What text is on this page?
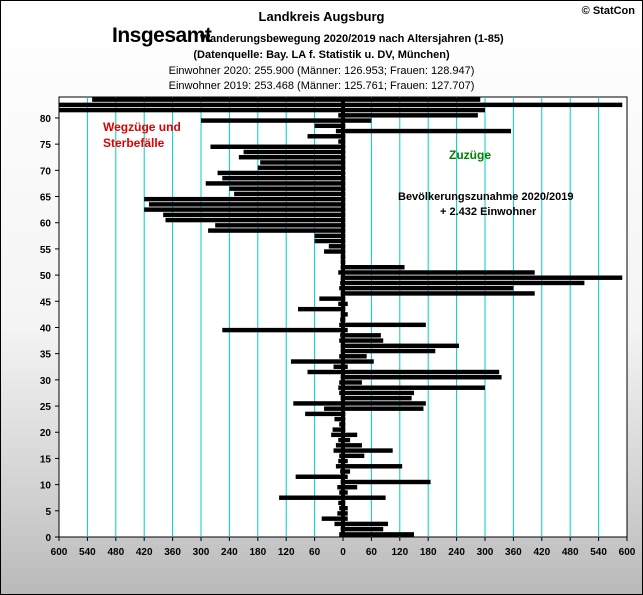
Landkreis Augsburg	© StatCon
Insgesamt
Wanderungsbewegung 2020/2019 nach Altersjahren (1-85)
(Datenquelle: Bay. LA f. Statistik u. DV, München)
Einwohner 2020: 255.900 (Männer: 126.953; Frauen: 128.947)
Einwohner 2019: 253.468 (Männer: 125.761; Frauen: 127.707)
600 540 480 420 360 300 240 180 120 60 0 60 120 180 240 300 360 420 480 540 600
0
5
10
15
20
25
30
35
40
45
50
55
60
65
70
75
80
Wegzüge und
Sterbefälle
Zuzüge
Bevölkerungszunahme 2020/2019
+ 2.432 Einwohner
